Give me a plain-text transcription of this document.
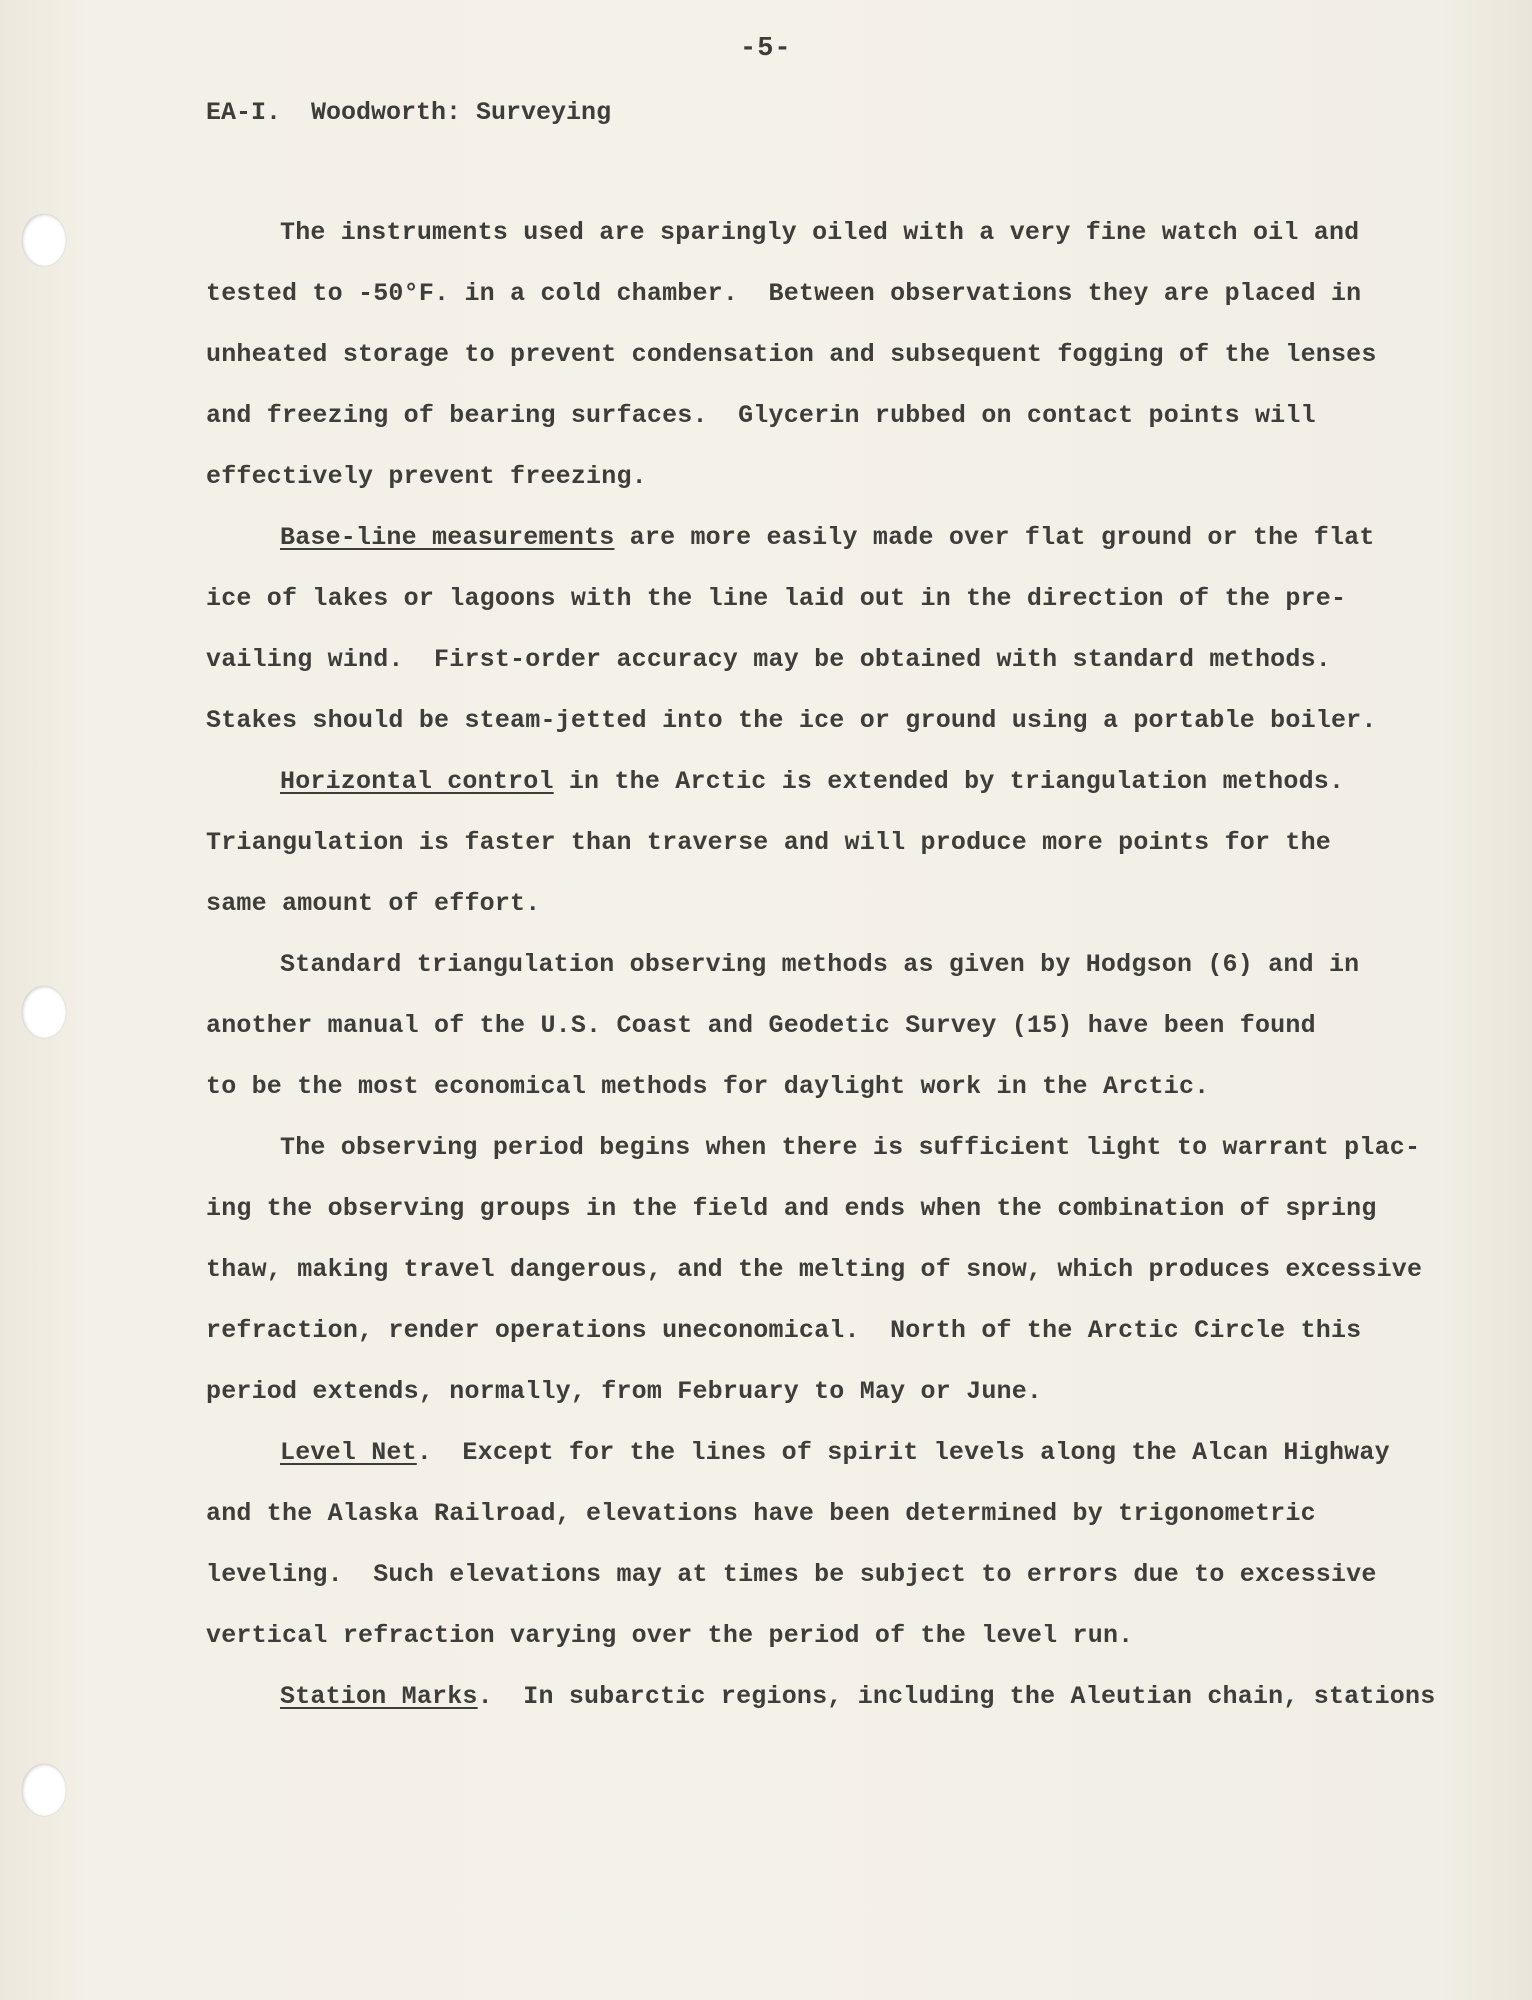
-5-
EA-I.  Woodworth: Surveying
The instruments used are sparingly oiled with a very fine watch oil and
tested to -50°F. in a cold chamber.  Between observations they are placed in
unheated storage to prevent condensation and subsequent fogging of the lenses
and freezing of bearing surfaces.  Glycerin rubbed on contact points will
effectively prevent freezing.
Base-line measurements are more easily made over flat ground or the flat
ice of lakes or lagoons with the line laid out in the direction of the pre-
vailing wind.  First-order accuracy may be obtained with standard methods.
Stakes should be steam-jetted into the ice or ground using a portable boiler.
Horizontal control in the Arctic is extended by triangulation methods.
Triangulation is faster than traverse and will produce more points for the
same amount of effort.
Standard triangulation observing methods as given by Hodgson (6) and in
another manual of the U.S. Coast and Geodetic Survey (15) have been found
to be the most economical methods for daylight work in the Arctic.
The observing period begins when there is sufficient light to warrant plac-
ing the observing groups in the field and ends when the combination of spring
thaw, making travel dangerous, and the melting of snow, which produces excessive
refraction, render operations uneconomical.  North of the Arctic Circle this
period extends, normally, from February to May or June.
Level Net.  Except for the lines of spirit levels along the Alcan Highway
and the Alaska Railroad, elevations have been determined by trigonometric
leveling.  Such elevations may at times be subject to errors due to excessive
vertical refraction varying over the period of the level run.
Station Marks.  In subarctic regions, including the Aleutian chain, stations
